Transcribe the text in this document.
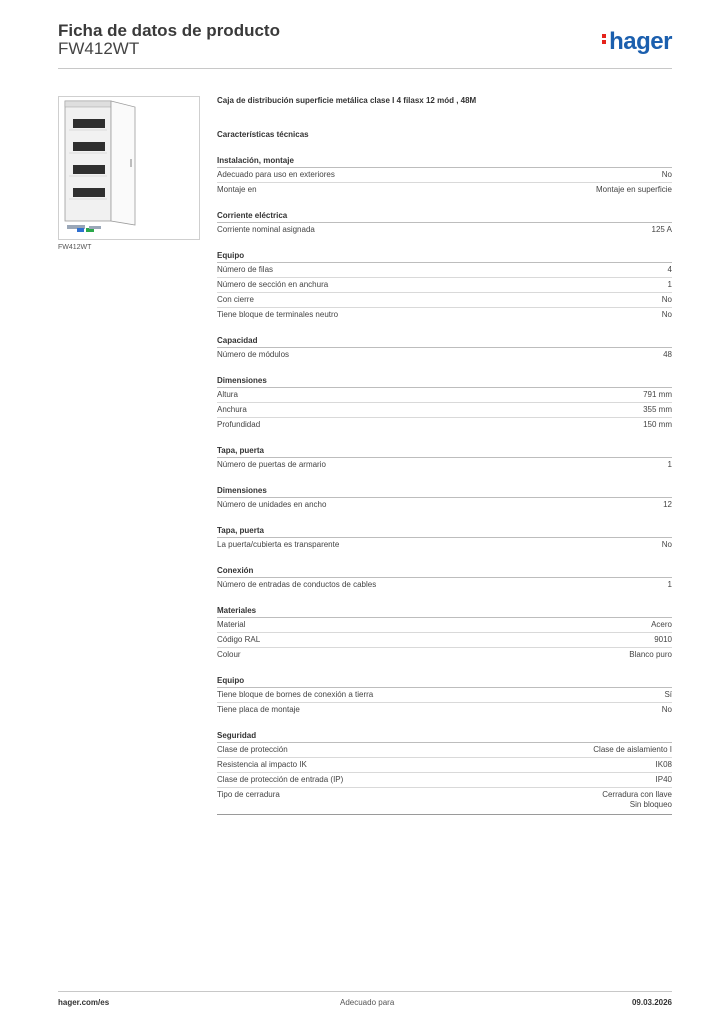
Ficha de datos de producto
FW412WT	hager
FW412WT
Caja de distribución superficie metálica clase I 4 filasx 12 mód , 48M
Características técnicas
Instalación, montaje
Adecuado para uso en exteriores	No
Montaje en	Montaje en superficie
Corriente eléctrica
Corriente nominal asignada	125 A
Equipo
Número de filas	4
Número de sección en anchura	1
Con cierre	No
Tiene bloque de terminales neutro	No
Capacidad
Número de módulos	48
Dimensiones
Altura	791 mm
Anchura	355 mm
Profundidad	150 mm
Tapa, puerta
Número de puertas de armario	1
Dimensiones
Número de unidades en ancho	12
Tapa, puerta
La puerta/cubierta es transparente	No
Conexión
Número de entradas de conductos de cables	1
Materiales
Material	Acero
Código RAL	9010
Colour	Blanco puro
Equipo
Tiene bloque de bornes de conexión a tierra	Sí
Tiene placa de montaje	No
Seguridad
Clase de protección	Clase de aislamiento I
Resistencia al impacto IK	IK08
Clase de protección de entrada (IP)	IP40
Tipo de cerradura	Cerradura con llave
Sin bloqueo
hager.com/es	Adecuado para	09.03.2026
